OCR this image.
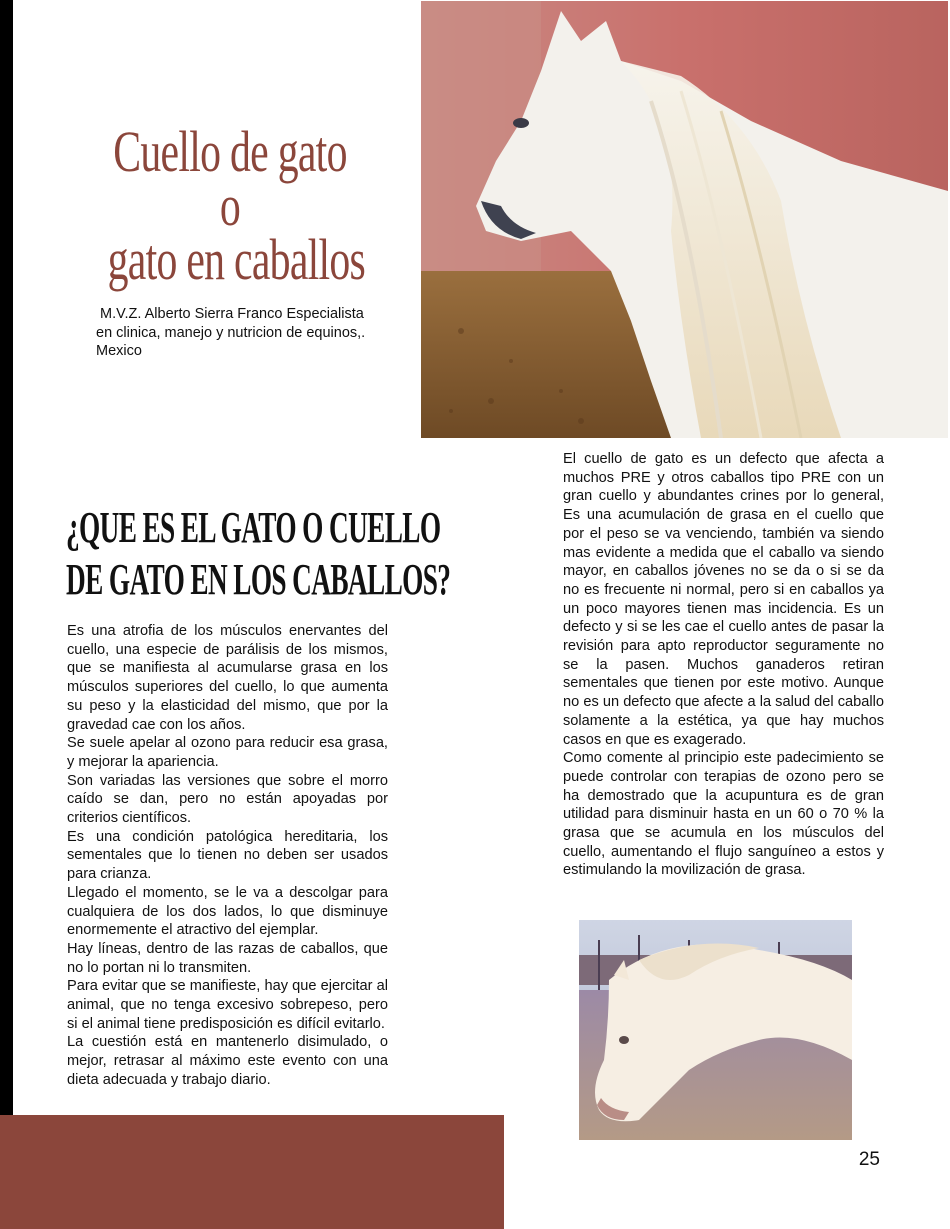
Cuello de gato
o
gato en caballos
M.V.Z. Alberto Sierra Franco Especialista
en clinica, manejo y nutricion de equinos,.
Mexico
¿QUE ES EL GATO O CUELLO
DE GATO EN LOS CABALLOS?

Es una atrofia de los músculos enervantes del cuello, una especie de parálisis de los mismos, que se manifiesta al acumularse grasa en los músculos superiores del cuello, lo que aumenta su peso y la elasticidad del mismo, que por la gravedad cae con los años.

Se suele apelar al ozono para reducir esa grasa, y mejorar la apariencia.

Son variadas las versiones que sobre el morro caído se dan, pero no están apoyadas por criterios científicos.

Es una condición patológica hereditaria, los sementales que lo tienen no deben ser usados para crianza.

Llegado el momento, se le va a descolgar para cualquiera de los dos lados, lo que disminuye enormemente el atractivo del ejemplar.

Hay líneas, dentro de las razas de caballos, que no lo portan ni lo transmiten.

Para evitar que se manifieste, hay que ejercitar al animal, que no tenga excesivo sobrepeso, pero si el animal tiene predisposición es difícil evitarlo.

La cuestión está en mantenerlo disimulado, o mejor, retrasar al máximo este evento con una dieta adecuada y trabajo diario.

El cuello de gato es un defecto que afecta a muchos PRE y otros caballos tipo PRE con un gran cuello y abundantes crines por lo general, Es una acumulación de grasa en el cuello que por el peso se va venciendo, también va siendo mas evidente a medida que el caballo va siendo mayor, en caballos jóvenes no se da o si se da no es frecuente ni normal, pero si en caballos ya un poco mayores tienen mas incidencia. Es un defecto y si se les cae el cuello antes de pasar la revisión para apto reproductor seguramente no se la pasen. Muchos ganaderos retiran sementales que tienen por este motivo. Aunque no es un defecto que afecte a la salud del caballo solamente a la estética, ya que hay muchos casos en que es exagerado.

Como comente al principio este padecimiento se puede controlar con terapias de ozono pero se ha demostrado que la acupuntura es de gran utilidad para disminuir hasta en un 60 o 70 % la grasa que se acumula en los músculos del cuello, aumentando el flujo sanguíneo a estos y estimulando la movilización de grasa.

25
